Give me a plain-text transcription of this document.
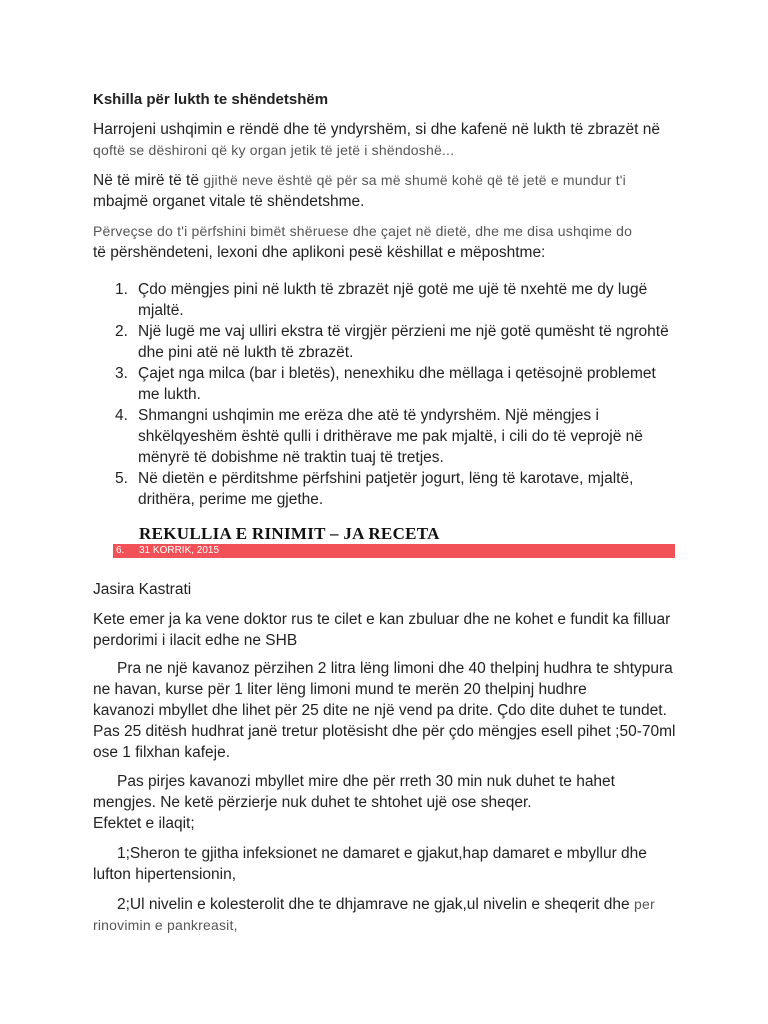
Kshilla për lukth te shëndetshëm

Harrojeni ushqimin e rëndë dhe të yndyrshëm, si dhe kafenë në lukth të zbrazët në

qoftë se dëshironi që ky organ jetik të jetë i shëndoshë...

Në të mirë të të gjithë neve është që për sa më shumë kohë që të jetë e mundur t'i

mbajmë organet vitale të shëndetshme.

Përveçse do t'i përfshini bimët shëruese dhe çajet në dietë, dhe me disa ushqime do

të përshëndeteni, lexoni dhe aplikoni pesë këshillat e mëposhtme:

1. Çdo mëngjes pini në lukth të zbrazët një gotë me ujë të nxehtë me dy lugë
mjaltë.
2. Një lugë me vaj ulliri ekstra të virgjër përzieni me një gotë qumësht të ngrohtë
dhe pini atë në lukth të zbrazët.
3. Çajet nga milca (bar i bletës), nenexhiku dhe mëllaga i qetësojnë problemet
me lukth.
4. Shmangni ushqimin me erëza dhe atë të yndyrshëm. Një mëngjes i
shkëlqyeshëm është qulli i drithërave me pak mjaltë, i cili do të veprojë në
mënyrë të dobishme në traktin tuaj të tretjes.
5. Në dietën e përditshme përfshini patjetër jogurt, lëng të karotave, mjaltë,
drithëra, perime me gjethe.
REKULLIA E RINIMIT – JA RECETA
6. 31 KORRIK, 2015

Jasira Kastrati

Kete emer ja ka vene doktor rus te cilet e kan zbuluar dhe ne kohet e fundit ka filluar

perdorimi i ilacit edhe ne SHB

Pra ne një kavanoz përzihen 2 litra lëng limoni dhe 40 thelpinj hudhra te shtypura

ne havan, kurse për 1 liter lëng limoni mund te merën 20 thelpinj hudhre

kavanozi mbyllet dhe lihet për 25 dite ne një vend pa drite. Çdo dite duhet te tundet.

Pas 25 ditësh hudhrat janë tretur plotësisht dhe për çdo mëngjes esell pihet ;50-70ml

ose 1 filxhan kafeje.

Pas pirjes kavanozi mbyllet mire dhe për rreth 30 min nuk duhet te hahet

mengjes. Ne ketë përzierje nuk duhet te shtohet ujë ose sheqer.

Efektet e ilaqit;

1;Sheron te gjitha infeksionet ne damaret e gjakut,hap damaret e mbyllur dhe

lufton hipertensionin,

2;Ul nivelin e kolesterolit dhe te dhjamrave ne gjak,ul nivelin e sheqerit dhe per

rinovimin e pankreasit,
